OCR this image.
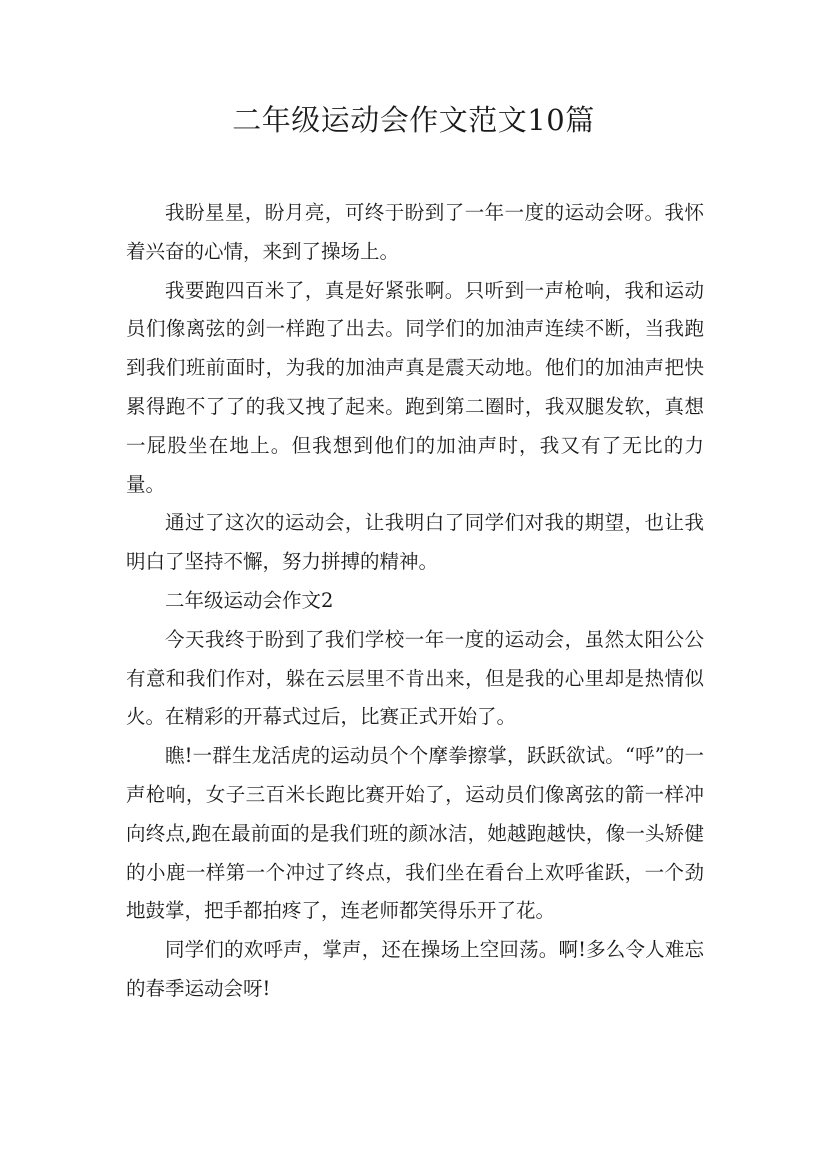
二年级运动会作文范文10篇

我盼星星，盼月亮，可终于盼到了一年一度的运动会呀。我怀着兴奋的心情，来到了操场上。

我要跑四百米了，真是好紧张啊。只听到一声枪响，我和运动员们像离弦的剑一样跑了出去。同学们的加油声连续不断，当我跑到我们班前面时，为我的加油声真是震天动地。他们的加油声把快累得跑不了了的我又拽了起来。跑到第二圈时，我双腿发软，真想一屁股坐在地上。但我想到他们的加油声时，我又有了无比的力量。

通过了这次的运动会，让我明白了同学们对我的期望，也让我明白了坚持不懈，努力拼搏的精神。

二年级运动会作文2

今天我终于盼到了我们学校一年一度的运动会，虽然太阳公公有意和我们作对，躲在云层里不肯出来，但是我的心里却是热情似火。在精彩的开幕式过后，比赛正式开始了。

瞧!一群生龙活虎的运动员个个摩拳擦掌，跃跃欲试。“呼”的一声枪响，女子三百米长跑比赛开始了，运动员们像离弦的箭一样冲向终点,跑在最前面的是我们班的颜冰洁，她越跑越快，像一头矫健的小鹿一样第一个冲过了终点，我们坐在看台上欢呼雀跃，一个劲地鼓掌，把手都拍疼了，连老师都笑得乐开了花。

同学们的欢呼声，掌声，还在操场上空回荡。啊!多么令人难忘的春季运动会呀!
